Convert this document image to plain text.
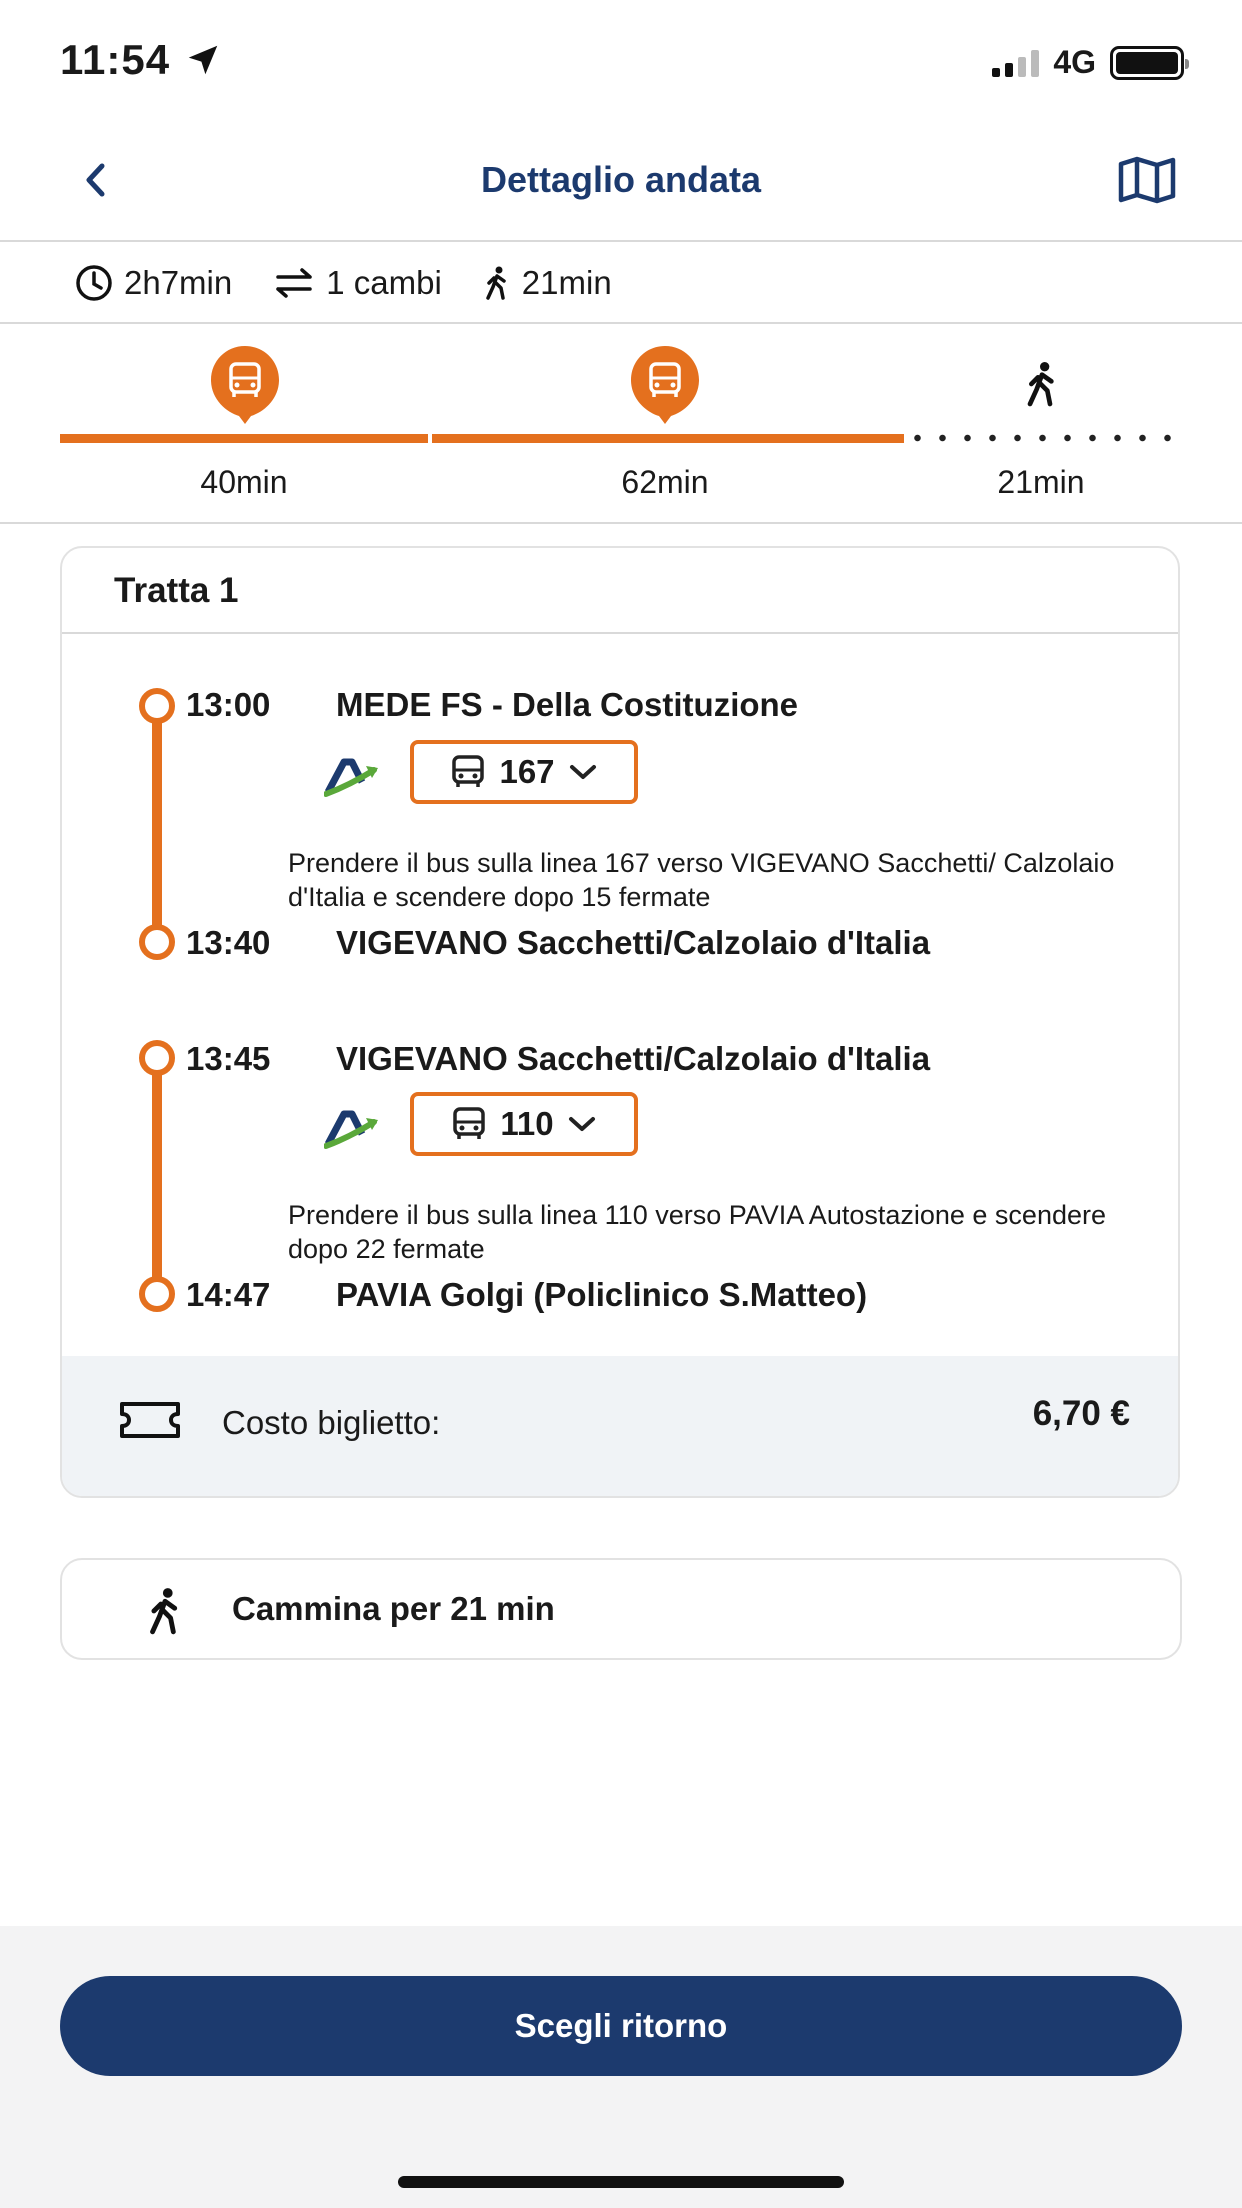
11:54	4G
Dettaglio andata
2h7min	1 cambi 21min
40min	62min	21min
Tratta 1
13:00 MEDE FS - Della Costituzione
167
Prendere il bus sulla linea 167 verso VIGEVANO Sacchetti/ Calzolaio d'Italia e scendere dopo 15 fermate
13:40 VIGEVANO Sacchetti/Calzolaio d'Italia
13:45 VIGEVANO Sacchetti/Calzolaio d'Italia
110
Prendere il bus sulla linea 110 verso PAVIA Autostazione e scendere dopo 22 fermate
14:47 PAVIA Golgi (Policlinico S.Matteo)
Costo biglietto:	6,70 €
Cammina per 21 min
Scegli ritorno
